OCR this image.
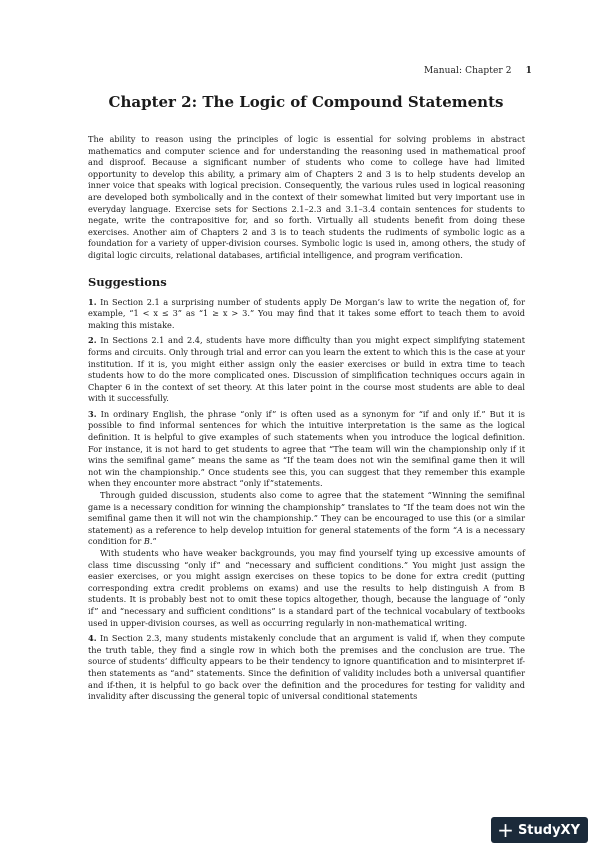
Manual: Chapter 2 1
Chapter 2: The Logic of Compound Statements

The ability to reason using the principles of logic is essential for solving problems in abstract mathematics and computer science and for understanding the reasoning used in mathematical proof and disproof. Because a significant number of students who come to college have had limited opportunity to develop this ability, a primary aim of Chapters 2 and 3 is to help students develop an inner voice that speaks with logical precision. Consequently, the various rules used in logical reasoning are developed both symbolically and in the context of their somewhat limited but very important use in everyday language. Exercise sets for Sections 2.1–2.3 and 3.1–3.4 contain sentences for students to negate, write the contrapositive for, and so forth. Virtually all students benefit from doing these exercises. Another aim of Chapters 2 and 3 is to teach students the rudiments of symbolic logic as a foundation for a variety of upper-division courses. Symbolic logic is used in, among others, the study of digital logic circuits, relational databases, artificial intelligence, and program verification.

Suggestions

1. In Section 2.1 a surprising number of students apply De Morgan’s law to write the negation of, for example, “1 < x ≤ 3” as “1 ≥ x > 3.” You may find that it takes some effort to teach them to avoid making this mistake.

2. In Sections 2.1 and 2.4, students have more difficulty than you might expect simplifying statement forms and circuits. Only through trial and error can you learn the extent to which this is the case at your institution. If it is, you might either assign only the easier exercises or build in extra time to teach students how to do the more complicated ones. Discussion of simplification techniques occurs again in Chapter 6 in the context of set theory. At this later point in the course most students are able to deal with it successfully.

3. In ordinary English, the phrase “only if” is often used as a synonym for “if and only if.” But it is possible to find informal sentences for which the intuitive interpretation is the same as the logical definition. It is helpful to give examples of such statements when you introduce the logical definition. For instance, it is not hard to get students to agree that “The team will win the championship only if it wins the semifinal game” means the same as “If the team does not win the semifinal game then it will not win the championship.” Once students see this, you can suggest that they remember this example when they encounter more abstract “only if”statements.

Through guided discussion, students also come to agree that the statement “Winning the semifinal game is a necessary condition for winning the championship” translates to “If the team does not win the semifinal game then it will not win the championship.” They can be encouraged to use this (or a similar statement) as a reference to help develop intuition for general statements of the form “A is a necessary condition for B.”

With students who have weaker backgrounds, you may find yourself tying up excessive amounts of class time discussing “only if” and “necessary and sufficient conditions.” You might just assign the easier exercises, or you might assign exercises on these topics to be done for extra credit (putting corresponding extra credit problems on exams) and use the results to help distinguish A from B students. It is probably best not to omit these topics altogether, though, because the language of “only if” and “necessary and sufficient conditions” is a standard part of the technical vocabulary of textbooks used in upper-division courses, as well as occurring regularly in non-mathematical writing.

4. In Section 2.3, many students mistakenly conclude that an argument is valid if, when they compute the truth table, they find a single row in which both the premises and the conclusion are true. The source of students’ difficulty appears to be their tendency to ignore quantification and to misinterpret if-then statements as “and” statements. Since the definition of validity includes both a universal quantifier and if-then, it is helpful to go back over the definition and the procedures for testing for validity and invalidity after discussing the general topic of universal conditional statements

+ StudyXY
